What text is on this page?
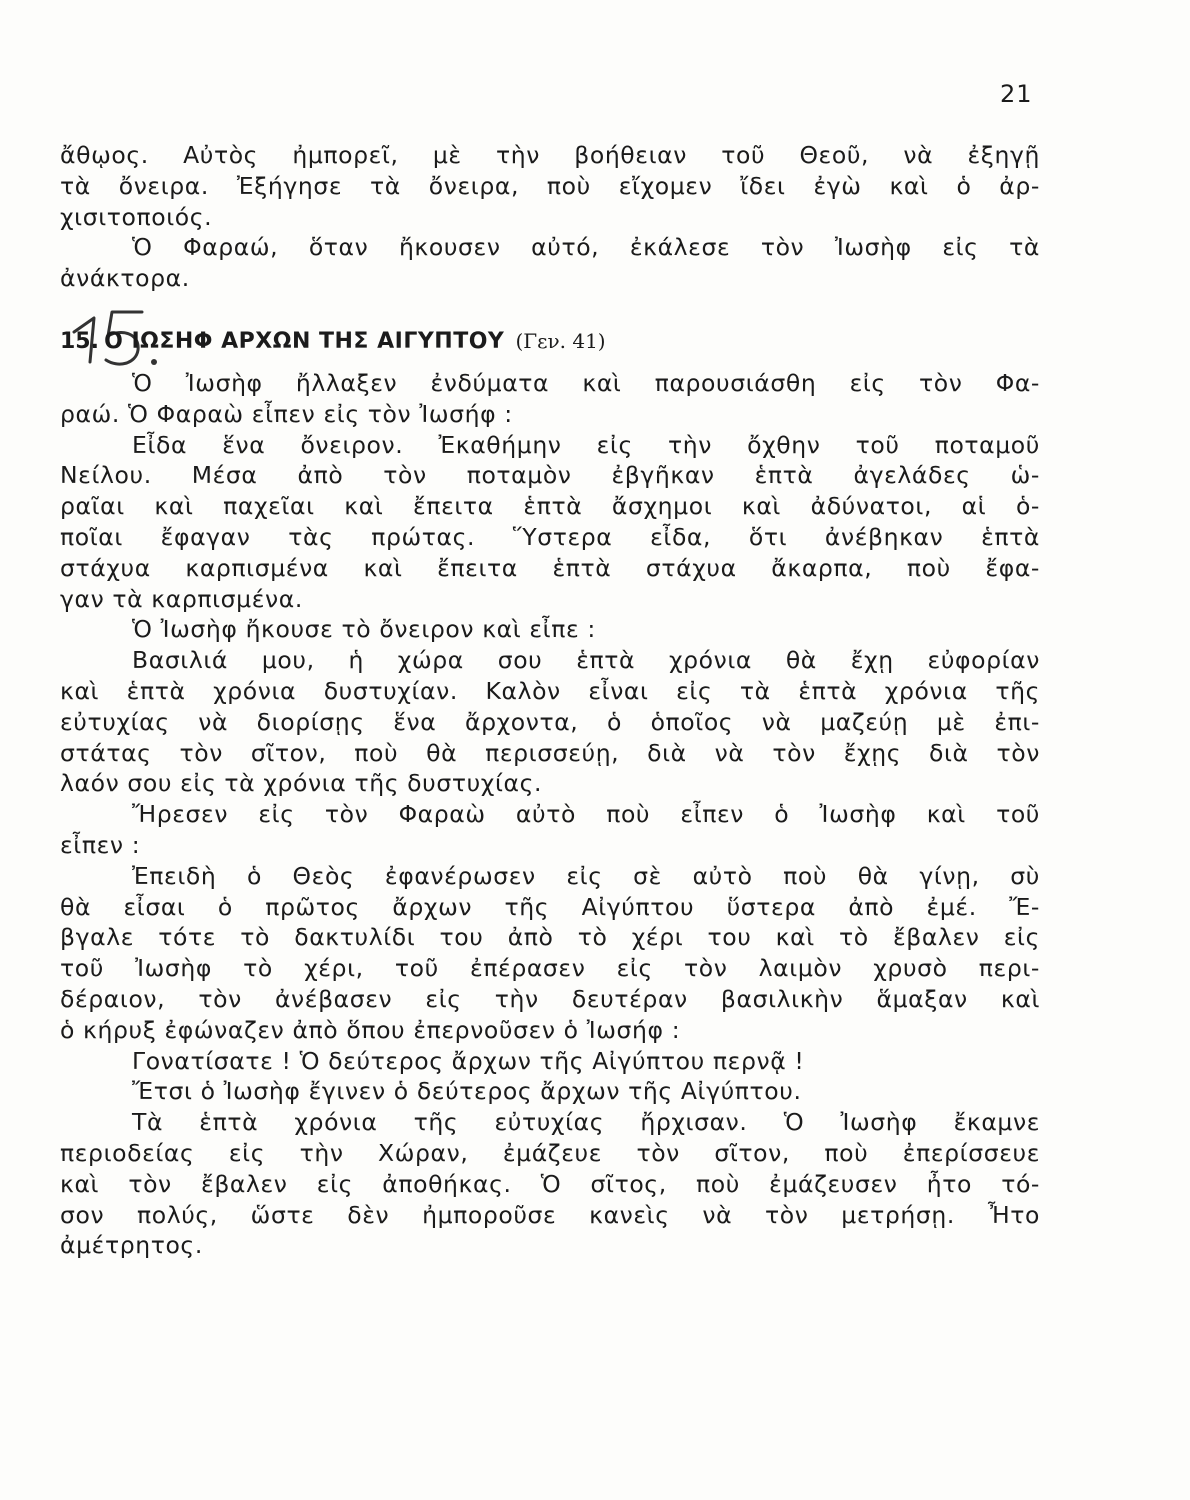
21
ἄθῳος. Αὐτὸς ἠμπορεῖ, μὲ τὴν βοήθειαν τοῦ Θεοῦ, νὰ ἐξηγῇ
τὰ ὄνειρα. Ἐξήγησε τὰ ὄνειρα, ποὺ εἴχομεν ἴδει ἐγὼ καὶ ὁ ἀρ-
χισιτοποιός.
Ὁ Φαραώ, ὅταν ἤκουσεν αὐτό, ἐκάλεσε τὸν Ἰωσὴφ εἰς τὰ
ἀνάκτορα.
15. Ο ΙΩΣΗΦ ΑΡΧΩΝ ΤΗΣ ΑΙΓΥΠΤΟΥ (Γεν. 41)
Ὁ Ἰωσὴφ ἤλλαξεν ἐνδύματα καὶ παρουσιάσθη εἰς τὸν Φα-
ραώ. Ὁ Φαραὼ εἶπεν εἰς τὸν Ἰωσήφ :
Εἶδα ἕνα ὄνειρον. Ἐκαθήμην εἰς τὴν ὄχθην τοῦ ποταμοῦ
Νείλου. Μέσα ἀπὸ τὸν ποταμὸν ἐβγῆκαν ἑπτὰ ἀγελάδες ὡ-
ραῖαι καὶ παχεῖαι καὶ ἔπειτα ἑπτὰ ἄσχημοι καὶ ἀδύνατοι, αἱ ὁ-
ποῖαι ἔφαγαν τὰς πρώτας. Ὕστερα εἶδα, ὅτι ἀνέβηκαν ἑπτὰ
στάχυα καρπισμένα καὶ ἔπειτα ἑπτὰ στάχυα ἄκαρπα, ποὺ ἔφα-
γαν τὰ καρπισμένα.
Ὁ Ἰωσὴφ ἤκουσε τὸ ὄνειρον καὶ εἶπε :
Βασιλιά μου, ἡ χώρα σου ἑπτὰ χρόνια θὰ ἔχῃ εὐφορίαν
καὶ ἑπτὰ χρόνια δυστυχίαν. Καλὸν εἶναι εἰς τὰ ἑπτὰ χρόνια τῆς
εὐτυχίας νὰ διορίσῃς ἕνα ἄρχοντα, ὁ ὁποῖος νὰ μαζεύῃ μὲ ἐπι-
στάτας τὸν σῖτον, ποὺ θὰ περισσεύῃ, διὰ νὰ τὸν ἔχῃς διὰ τὸν
λαόν σου εἰς τὰ χρόνια τῆς δυστυχίας.
Ἤρεσεν εἰς τὸν Φαραὼ αὐτὸ ποὺ εἶπεν ὁ Ἰωσὴφ καὶ τοῦ
εἶπεν :
Ἐπειδὴ ὁ Θεὸς ἐφανέρωσεν εἰς σὲ αὐτὸ ποὺ θὰ γίνῃ, σὺ
θὰ εἶσαι ὁ πρῶτος ἄρχων τῆς Αἰγύπτου ὕστερα ἀπὸ ἐμέ. Ἔ-
βγαλε τότε τὸ δακτυλίδι του ἀπὸ τὸ χέρι του καὶ τὸ ἔβαλεν εἰς
τοῦ Ἰωσὴφ τὸ χέρι, τοῦ ἐπέρασεν εἰς τὸν λαιμὸν χρυσὸ περι-
δέραιον, τὸν ἀνέβασεν εἰς τὴν δευτέραν βασιλικὴν ἅμαξαν καὶ
ὁ κήρυξ ἐφώναζεν ἀπὸ ὅπου ἐπερνοῦσεν ὁ Ἰωσήφ :
Γονατίσατε ! Ὁ δεύτερος ἄρχων τῆς Αἰγύπτου περνᾷ !
Ἔτσι ὁ Ἰωσὴφ ἔγινεν ὁ δεύτερος ἄρχων τῆς Αἰγύπτου.
Τὰ ἑπτὰ χρόνια τῆς εὐτυχίας ἤρχισαν. Ὁ Ἰωσὴφ ἔκαμνε
περιοδείας εἰς τὴν Χώραν, ἐμάζευε τὸν σῖτον, ποὺ ἐπερίσσευε
καὶ τὸν ἔβαλεν εἰς ἀποθήκας. Ὁ σῖτος, ποὺ ἐμάζευσεν ἦτο τό-
σον πολύς, ὥστε δὲν ἠμποροῦσε κανεὶς νὰ τὸν μετρήσῃ. Ἦτο
ἀμέτρητος.
